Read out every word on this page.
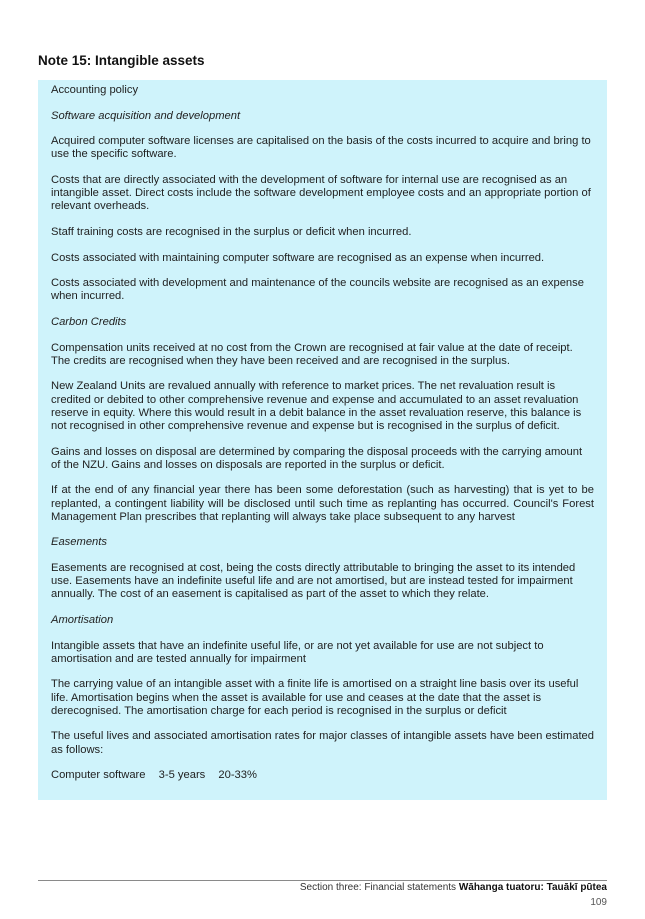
Note 15: Intangible assets

Accounting policy

Software acquisition and development

Acquired computer software licenses are capitalised on the basis of the costs incurred to acquire and bring to use the specific software.

Costs that are directly associated with the development of software for internal use are recognised as an intangible asset. Direct costs include the software development employee costs and an appropriate portion of relevant overheads.

Staff training costs are recognised in the surplus or deficit when incurred.

Costs associated with maintaining computer software are recognised as an expense when incurred.

Costs associated with development and maintenance of the councils website are recognised as an expense when incurred.

Carbon Credits

Compensation units received at no cost from the Crown are recognised at fair value at the date of receipt. The credits are recognised when they have been received and are recognised in the surplus.

New Zealand Units are revalued annually with reference to market prices. The net revaluation result is credited or debited to other comprehensive revenue and expense and accumulated to an asset revaluation reserve in equity. Where this would result in a debit balance in the asset revaluation reserve, this balance is not recognised in other comprehensive revenue and expense but is recognised in the surplus of deficit.

Gains and losses on disposal are determined by comparing the disposal proceeds with the carrying amount of the NZU. Gains and losses on disposals are reported in the surplus or deficit.

If at the end of any financial year there has been some deforestation (such as harvesting) that is yet to be replanted, a contingent liability will be disclosed until such time as replanting has occurred. Council's Forest Management Plan prescribes that replanting will always take place subsequent to any harvest

Easements

Easements are recognised at cost, being the costs directly attributable to bringing the asset to its intended use. Easements have an indefinite useful life and are not amortised, but are instead tested for impairment annually. The cost of an easement is capitalised as part of the asset to which they relate.

Amortisation

Intangible assets that have an indefinite useful life, or are not yet available for use are not subject to amortisation and are tested annually for impairment

The carrying value of an intangible asset with a finite life is amortised on a straight line basis over its useful life. Amortisation begins when the asset is available for use and ceases at the date that the asset is derecognised. The amortisation charge for each period is recognised in the surplus or deficit

The useful lives and associated amortisation rates for major classes of intangible assets have been estimated as follows:

Computer software 3-5 years 20-33%

Section three: Financial statements Wāhanga tuatoru: Tauākī pūtea
109
